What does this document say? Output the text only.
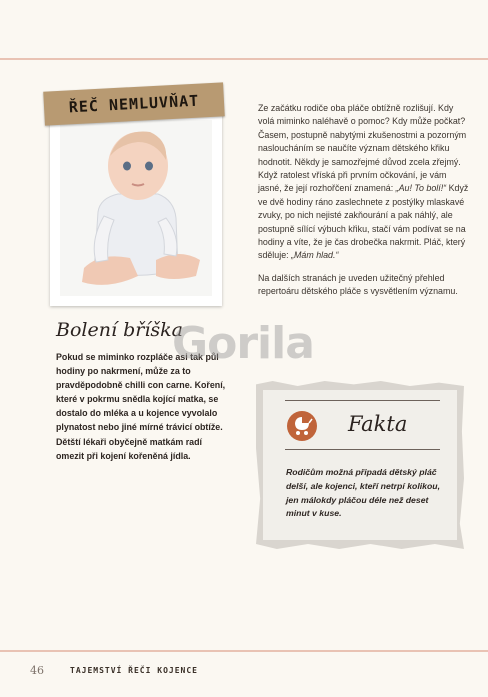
ŘEČ NEMLUVŇAT	Ze začátku rodiče oba pláče obtížně rozlišují. Kdy volá miminko naléhavě o pomoc? Kdy může počkat? Časem, postupně nabytými zkušenostmi a pozorným nasloucháním se naučíte význam dětského křiku hodnotit. Někdy je samozřejmé důvod zcela zřejmý. Když ratolest vříská při prvním očkování, je vám jasné, že její rozhořčení znamená: „Au! To bolí!“ Když ve dvě hodiny ráno zaslechnete z postýlky mlaskavé zvuky, po nich nejisté zakňourání a pak náhlý, ale postupně sílící výbuch křiku, stačí vám podívat se na hodiny a víte, že je čas drobečka nakrmit. Pláč, který sděluje: „Mám hlad.“

Na dalších stranách je uveden užitečný přehled repertoáru dětského pláče s vysvětlením významu.

Bolení bříška

Pokud se miminko rozpláče asi tak půl hodiny po nakrmení, může za to pravděpodobně chilli con carne. Koření, které v pokrmu snědla kojící matka, se dostalo do mléka a u kojence vyvolalo plynatost nebo jiné mírné trávicí obtíže. Dětští lékaři obyčejně matkám radí omezit při kojení kořeněná jídla.

Gorila
Fakta

Rodičům možná připadá dětský pláč delší, ale kojenci, kteří netrpí kolikou, jen málokdy pláčou déle než deset minut v kuse.

46	TAJEMSTVÍ ŘEČI KOJENCE
